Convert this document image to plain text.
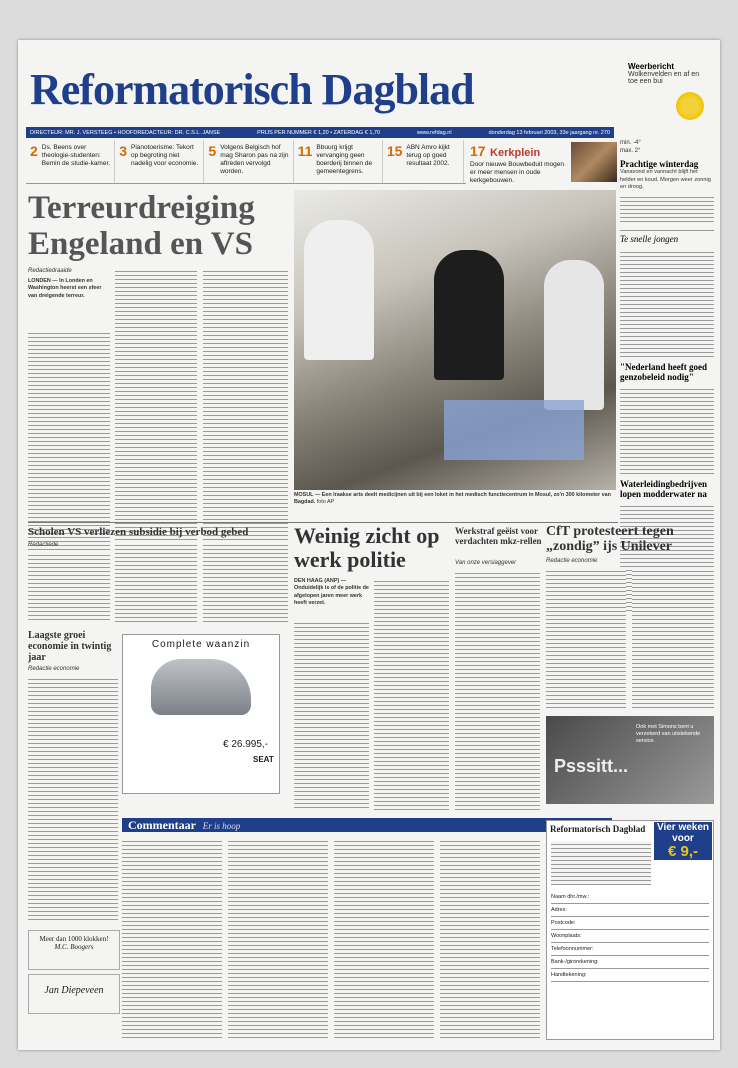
Reformatorisch Dagblad	Weerbericht
Wolkenvelden en af en toe een bui
DIRECTEUR: MR. J. VERSTEEG • HOOFDREDACTEUR: DR. C.S.L. JANSE	PRIJS PER NUMMER € 1,20 • ZATERDAG € 1,70	www.refdag.nl	donderdag 13 februari 2003, 33e jaargang nr. 270
2 Ds. Beens over theologie-studenten: Bemin de studie-kamer.
3 Pianotoerisme: Tekort op begroting niet nadelig voor economie.
5 Volgens Belgisch hof mag Sharon pas na zijn aftreden vervolgd worden.
11 Bbuurg krijgt vervanging geen boerderij binnen de gemeentegrens.
15 ABN Amro kijkt terug op goed resultaat 2002.
17 Kerkplein

Door nieuwe Bouwbeduit mogen er meer mensen in oude kerkgebouwen.

min. -4°
max. 2°
Prachtige winterdag
Vanavond en vannacht blijft het helder en koud. Morgen weer zonnig en droog.
Te snelle jongen
"Nederland heeft goed genzobeleid nodig"
Waterleidingbedrijven lopen modderwater na
Terreurdreiging Engeland en VS
Redactiedraaide
LONDEN — In Londen en Washington heerst een sfeer van dreigende terreur.
MOSUL — Een Iraakse arts deelt medicijnen uit bij een loket in het medisch functiecentrum in Mosul, zo'n 300 kilometer van Bagdad. foto AP
Scholen VS verliezen subsidie bij verbod gebed
Redactiede
Laagste groei economie in twintig jaar
Redactie economie
Complete waanzin
€ 26.995,-
SEAT
Weinig zicht op werk politie
DEN HAAG (ANP) — Onduidelijk is of de politie de afgelopen jaren meer werk heeft verzet.
Werkstraf geëist voor verdachten mkz-rellen
Van onze verslaggever
CfT protesteert tegen „zondig” ijs Unilever
Redactie economie
Ook met Simons bent u verzekerd van uitstekende service.
Psssitt...
Meer dan 1000 klokken!
M.C. Boogers
Jan Diepeveen
Commentaar Er is hoop	Reformatorisch Dagblad
Naam dhr./mw.:
Adres:
Postcode:
Woonplaats:
Telefoonnummer:
Bank-/girorekening:
Handtekening:
Vier weken voor
€ 9,-
